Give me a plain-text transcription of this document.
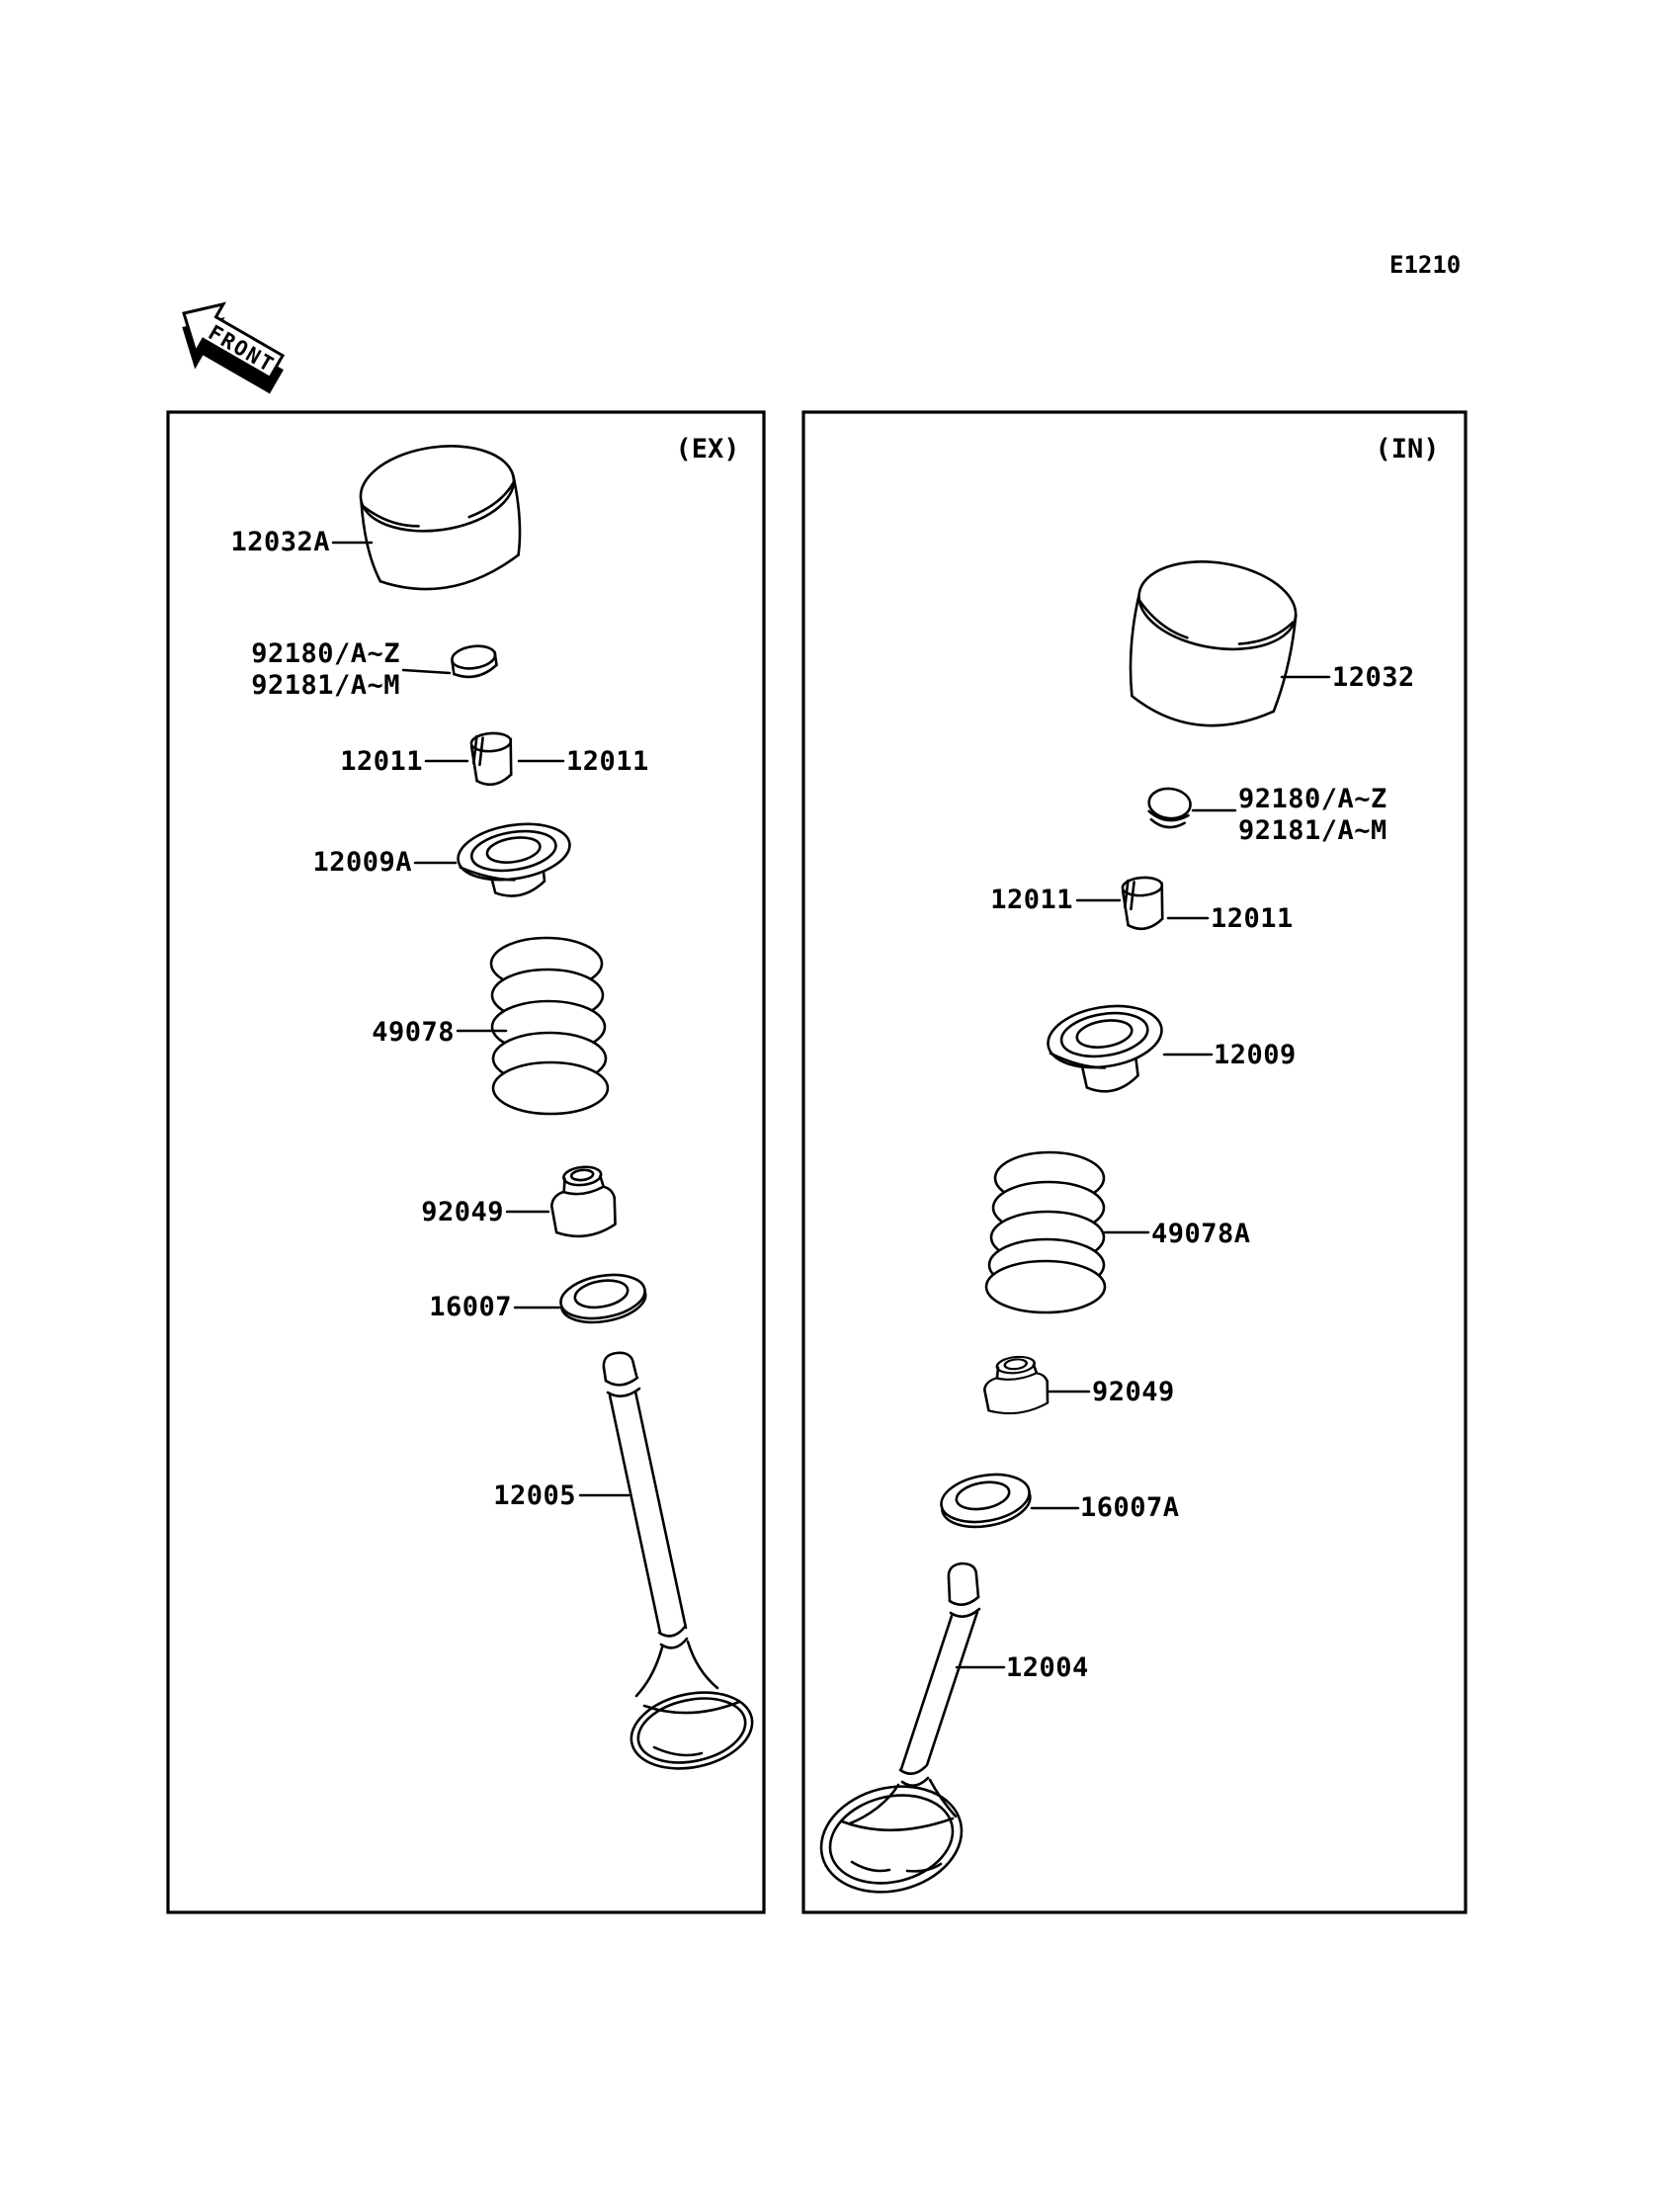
E1210
FRONT
(EX)
12032A
92180/A~Z
92181/A~M
12011	12011
12009A
49078
92049
16007
12005
(IN)
12032
92180/A~Z
92181/A~M
12011
12011
12009
49078A
92049
16007A
12004
